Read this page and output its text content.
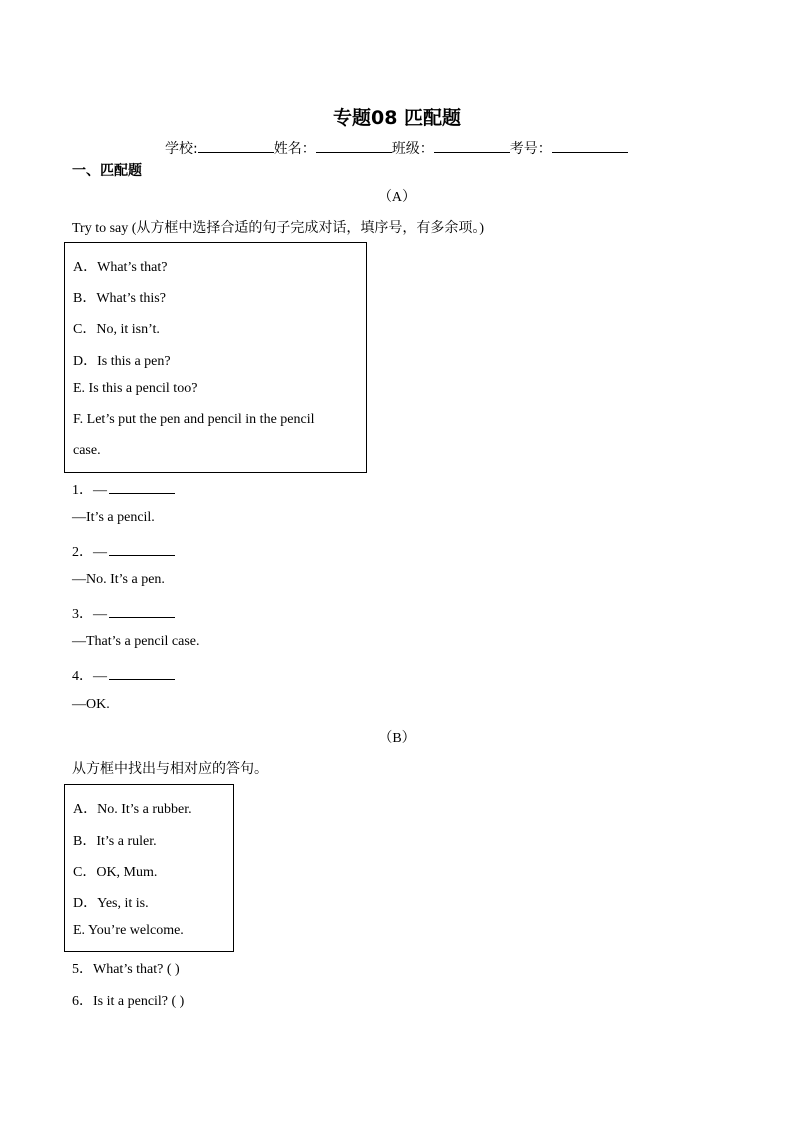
专题08 匹配题
学校:	姓名：	班级：	考号：
一、匹配题
（A）
Try to say (从方框中选择合适的句子完成对话，填序号，有多余项。)
A．What’s that?
B．What’s this?
C．No, it isn’t.
D．Is this a pen?
E. Is this a pencil too?
F. Let’s put the pen and pencil in the pencil
case.
1．—
—It’s a pencil.
2．—
—No. It’s a pen.
3．—
—That’s a pencil case.
4．—
—OK.
（B）
从方框中找出与相对应的答句。
A．No. It’s a rubber.
B．It’s a ruler.
C．OK, Mum.
D．Yes, it is.
E. You’re welcome.
5．What’s that? ( )
6．Is it a pencil? ( )
